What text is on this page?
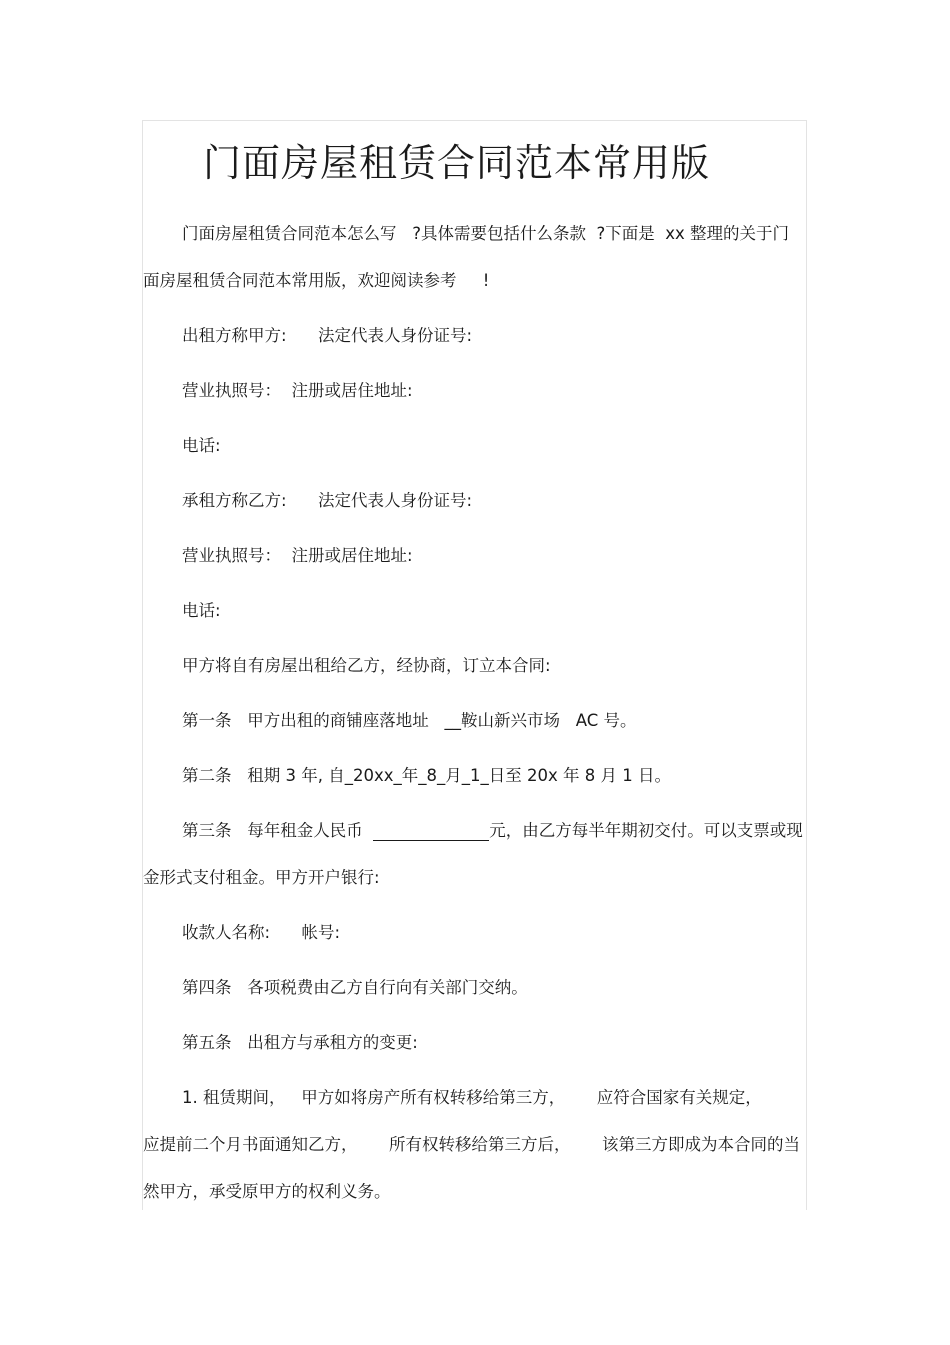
门面房屋租赁合同范本常用版

门面房屋租赁合同范本怎么写   ?具体需要包括什么条款  ?下面是  xx 整理的关于门面房屋租赁合同范本常用版，欢迎阅读参考     !

出租方称甲方:      法定代表人身份证号:

营业执照号：  注册或居住地址:

电话:

承租方称乙方:      法定代表人身份证号:

营业执照号：  注册或居住地址:

电话:

甲方将自有房屋出租给乙方，经协商，订立本合同:

第一条   甲方出租的商铺座落地址   __鞍山新兴市场   AC 号。

第二条   租期 3 年, 自_20xx_年_8_月_1_日至 20x 年 8 月 1 日。

第三条   每年租金人民币	元，由乙方每半年期初交付。可以支票或现金形式支付租金。甲方开户银行:

收款人名称:      帐号:

第四条   各项税费由乙方自行向有关部门交纳。

第五条   出租方与承租方的变更:

1. 租赁期间，   甲方如将房产所有权转移给第三方，      应符合国家有关规定，      应提前二个月书面通知乙方，      所有权转移给第三方后，      该第三方即成为本合同的当然甲方，承受原甲方的权利义务。
